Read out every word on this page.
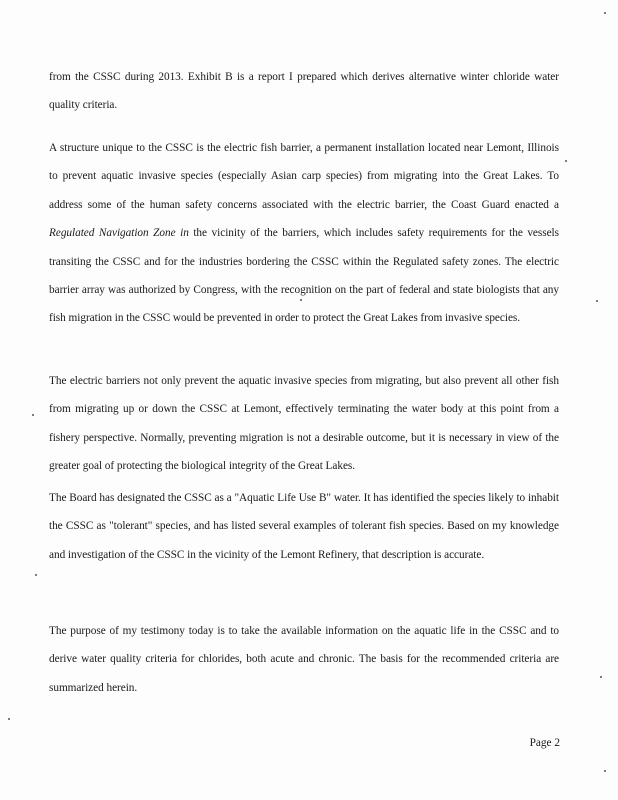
from the CSSC during 2013. Exhibit B is a report I prepared which derives alternative winter chloride water quality criteria.

A structure unique to the CSSC is the electric fish barrier, a permanent installation located near Lemont, Illinois to prevent aquatic invasive species (especially Asian carp species) from migrating into the Great Lakes. To address some of the human safety concerns associated with the electric barrier, the Coast Guard enacted a Regulated Navigation Zone in the vicinity of the barriers, which includes safety requirements for the vessels transiting the CSSC and for the industries bordering the CSSC within the Regulated safety zones. The electric barrier array was authorized by Congress, with the recognition on the part of federal and state biologists that any fish migration in the CSSC would be prevented in order to protect the Great Lakes from invasive species.

The electric barriers not only prevent the aquatic invasive species from migrating, but also prevent all other fish from migrating up or down the CSSC at Lemont, effectively terminating the water body at this point from a fishery perspective. Normally, preventing migration is not a desirable outcome, but it is necessary in view of the greater goal of protecting the biological integrity of the Great Lakes.

The Board has designated the CSSC as a "Aquatic Life Use B" water. It has identified the species likely to inhabit the CSSC as "tolerant" species, and has listed several examples of tolerant fish species. Based on my knowledge and investigation of the CSSC in the vicinity of the Lemont Refinery, that description is accurate.

The purpose of my testimony today is to take the available information on the aquatic life in the CSSC and to derive water quality criteria for chlorides, both acute and chronic. The basis for the recommended criteria are summarized herein.

Page 2
